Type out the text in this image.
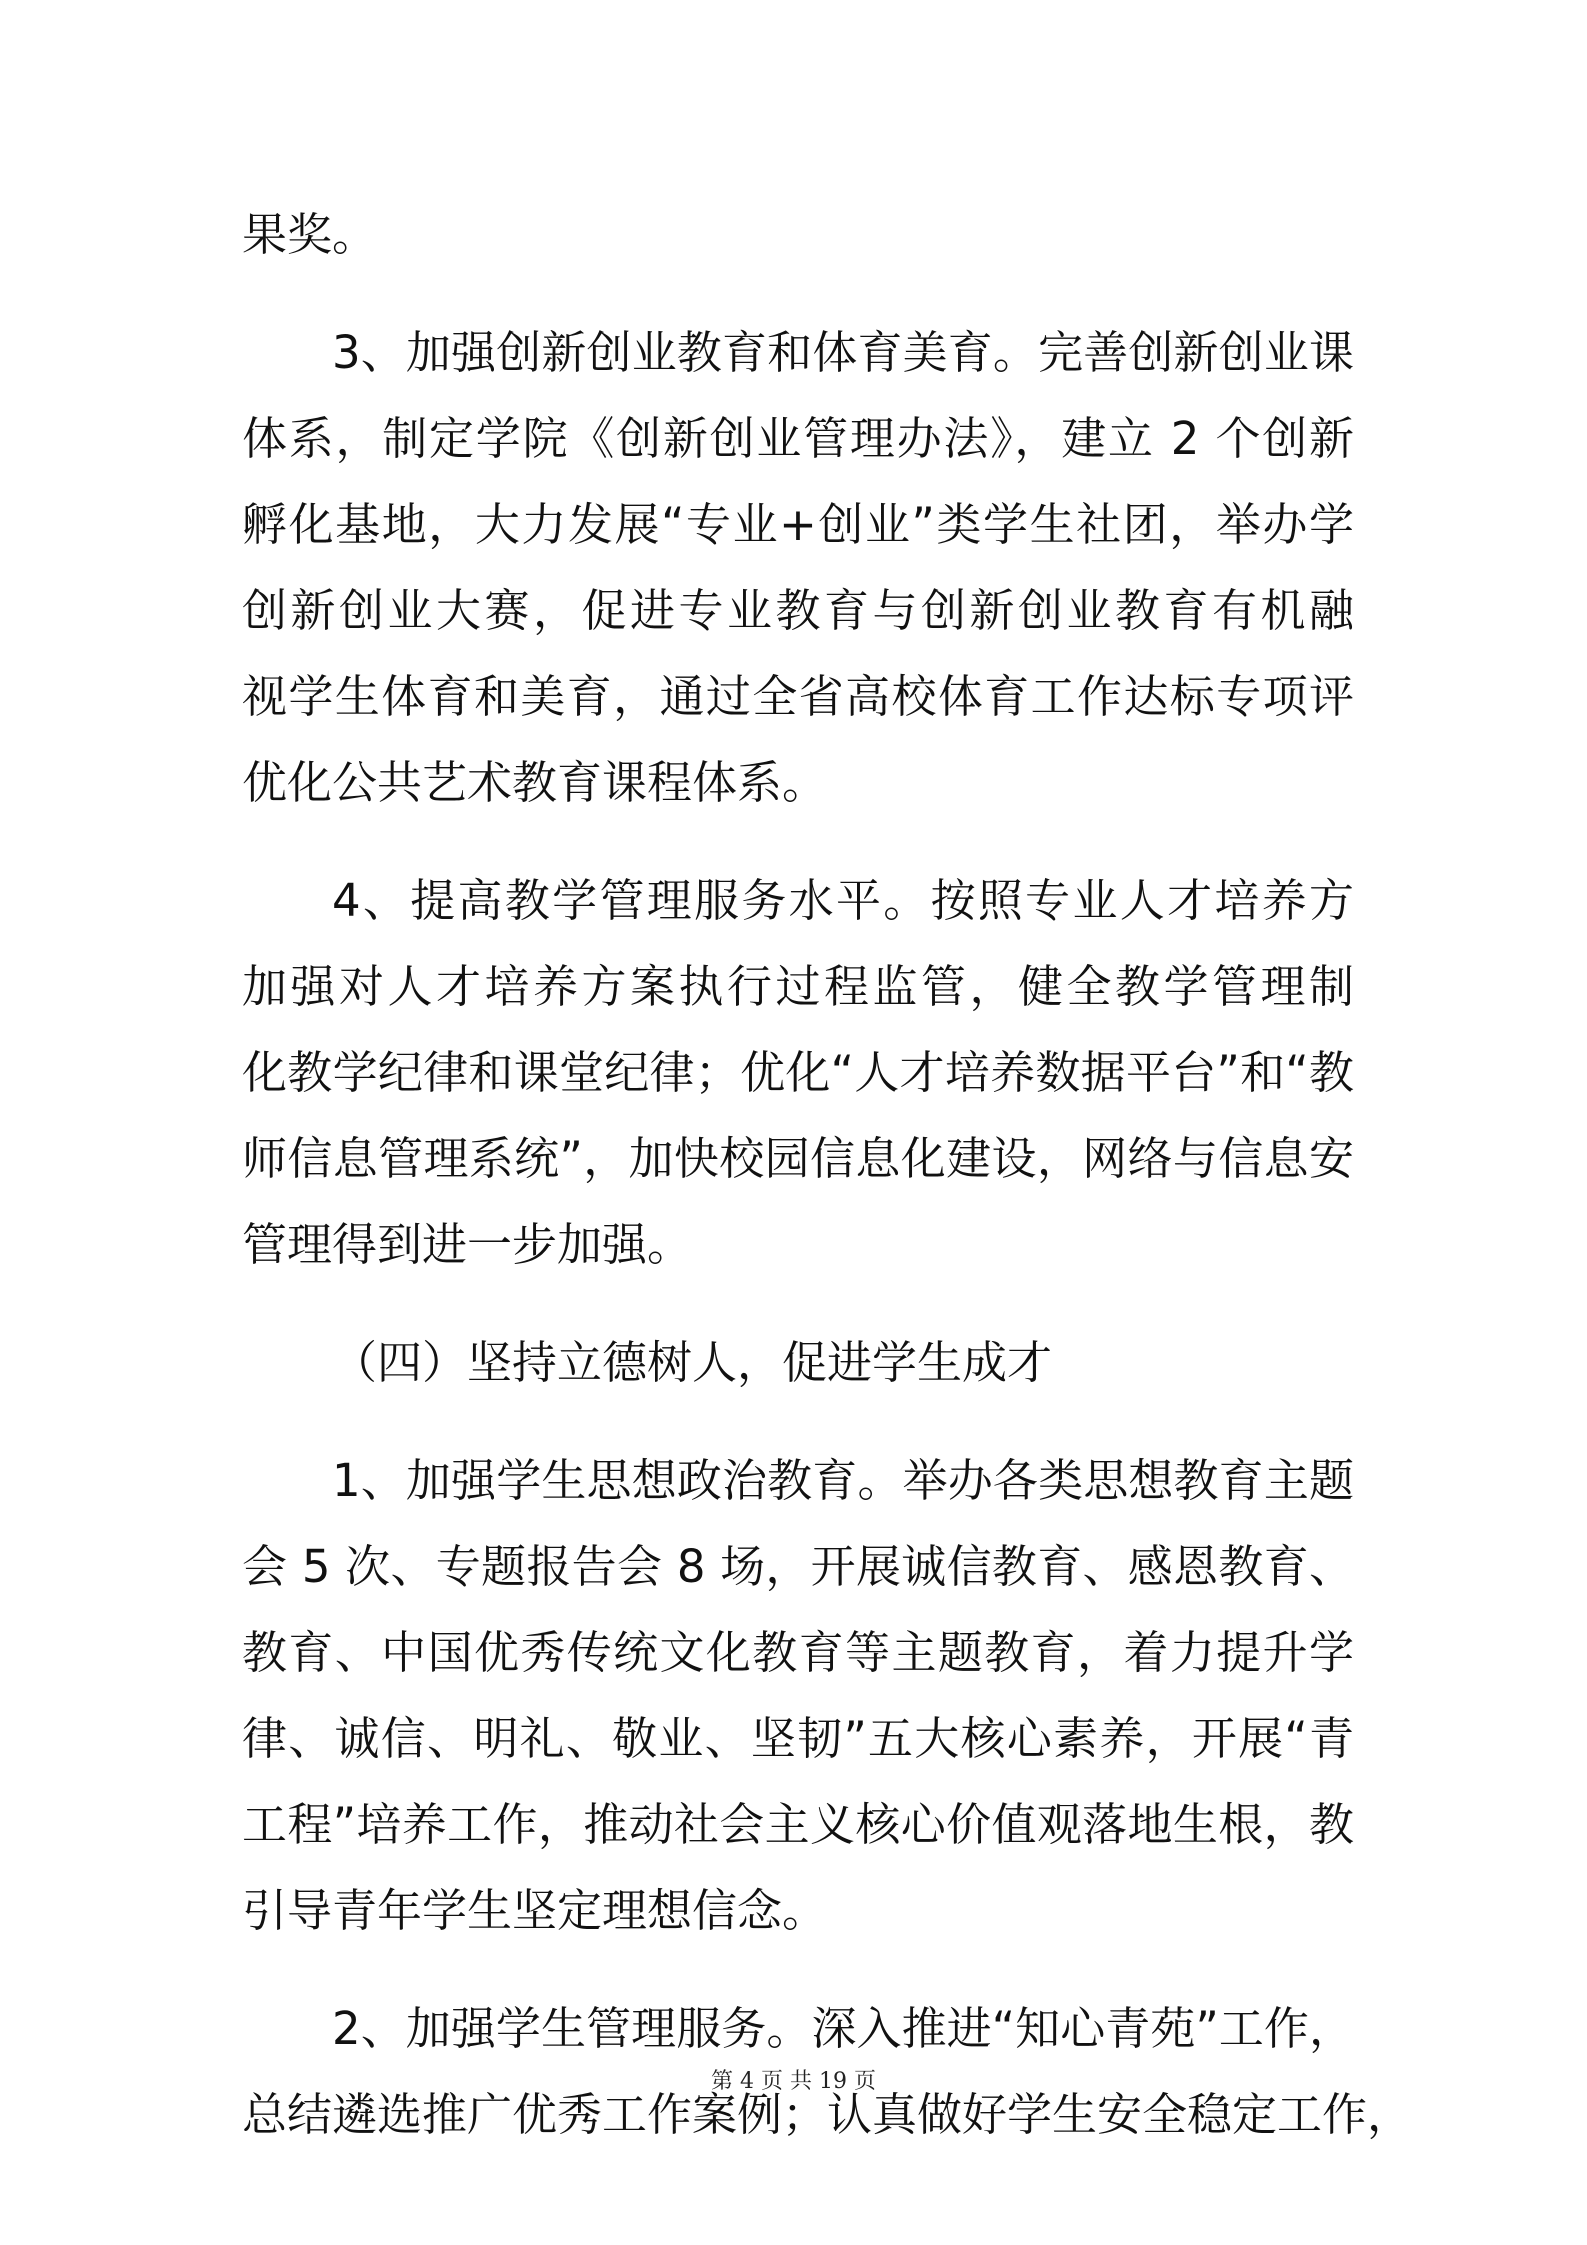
果奖。
3、加强创新创业教育和体育美育。完善创新创业课
体系，制定学院《创新创业管理办法》，建立 2 个创新
孵化基地，大力发展“专业+创业”类学生社团，举办学
创新创业大赛，促进专业教育与创新创业教育有机融
视学生体育和美育，通过全省高校体育工作达标专项评
优化公共艺术教育课程体系。
4、提高教学管理服务水平。按照专业人才培养方
加强对人才培养方案执行过程监管，健全教学管理制
化教学纪律和课堂纪律；优化“人才培养数据平台”和“教
师信息管理系统”，加快校园信息化建设，网络与信息安
管理得到进一步加强。
（四）坚持立德树人，促进学生成才
1、加强学生思想政治教育。举办各类思想教育主题
会 5 次、专题报告会 8 场，开展诚信教育、感恩教育、
教育、中国优秀传统文化教育等主题教育，着力提升学
律、诚信、明礼、敬业、坚韧”五大核心素养，开展“青
工程”培养工作，推动社会主义核心价值观落地生根，教
引导青年学生坚定理想信念。
2、加强学生管理服务。深入推进“知心青苑”工作，
总结遴选推广优秀工作案例；认真做好学生安全稳定工作，
第 4 页 共 19 页
